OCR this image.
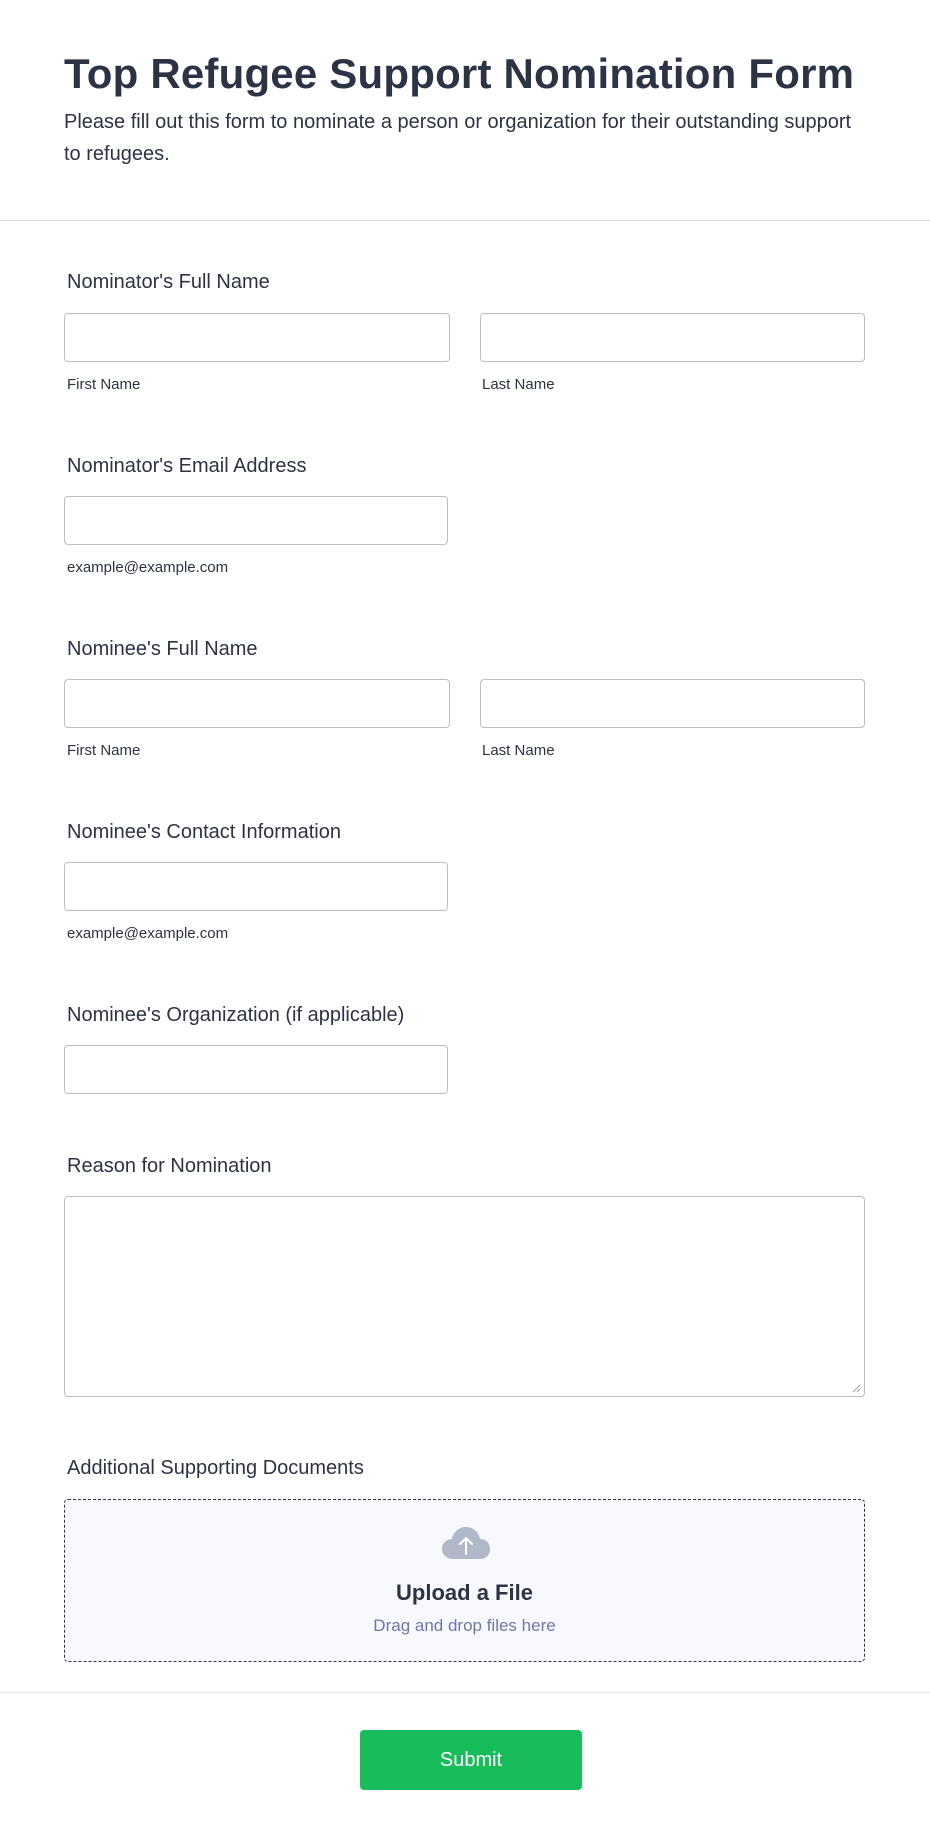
Top Refugee Support Nomination Form

Please fill out this form to nominate a person or organization for their outstanding support to refugees.

Nominator's Full Name
First Name	Last Name
Nominator's Email Address
example@example.com
Nominee's Full Name
First Name	Last Name
Nominee's Contact Information
example@example.com
Nominee's Organization (if applicable)
Reason for Nomination
Additional Supporting Documents
Upload a File
Drag and drop files here
Submit
